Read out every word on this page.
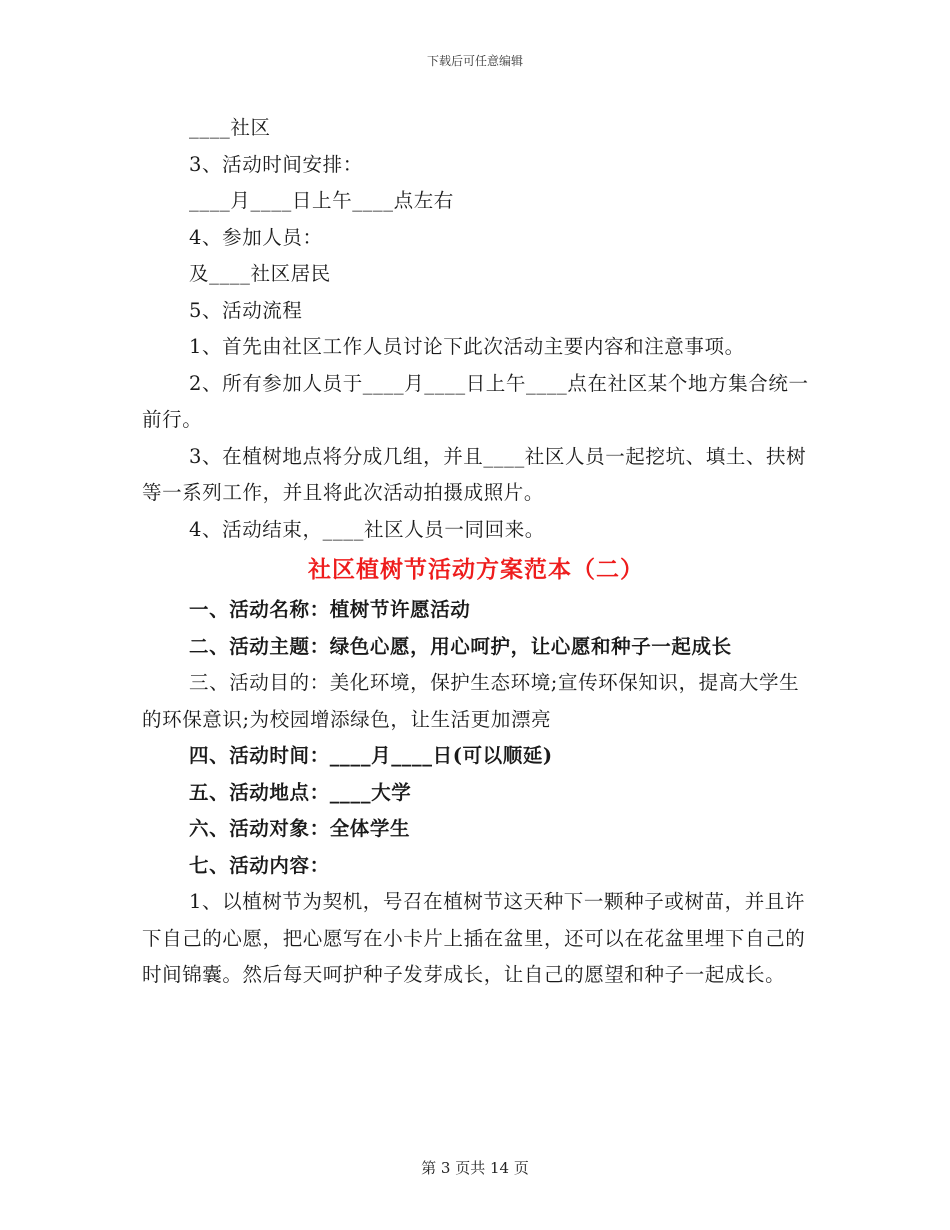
下载后可任意编辑

____社区

3、活动时间安排：

____月____日上午____点左右

4、参加人员：

及____社区居民

5、活动流程

1、首先由社区工作人员讨论下此次活动主要内容和注意事项。

2、所有参加人员于____月____日上午____点在社区某个地方集合统一前行。

3、在植树地点将分成几组，并且____社区人员一起挖坑、填土、扶树等一系列工作，并且将此次活动拍摄成照片。

4、活动结束，____社区人员一同回来。

社区植树节活动方案范本（二）

一、活动名称：植树节许愿活动

二、活动主题：绿色心愿，用心呵护，让心愿和种子一起成长

三、活动目的：美化环境，保护生态环境;宣传环保知识，提高大学生的环保意识;为校园增添绿色，让生活更加漂亮

四、活动时间：____月____日(可以顺延)

五、活动地点：____大学

六、活动对象：全体学生

七、活动内容：

1、以植树节为契机，号召在植树节这天种下一颗种子或树苗，并且许下自己的心愿，把心愿写在小卡片上插在盆里，还可以在花盆里埋下自己的时间锦囊。然后每天呵护种子发芽成长，让自己的愿望和种子一起成长。

第 3 页共 14 页
